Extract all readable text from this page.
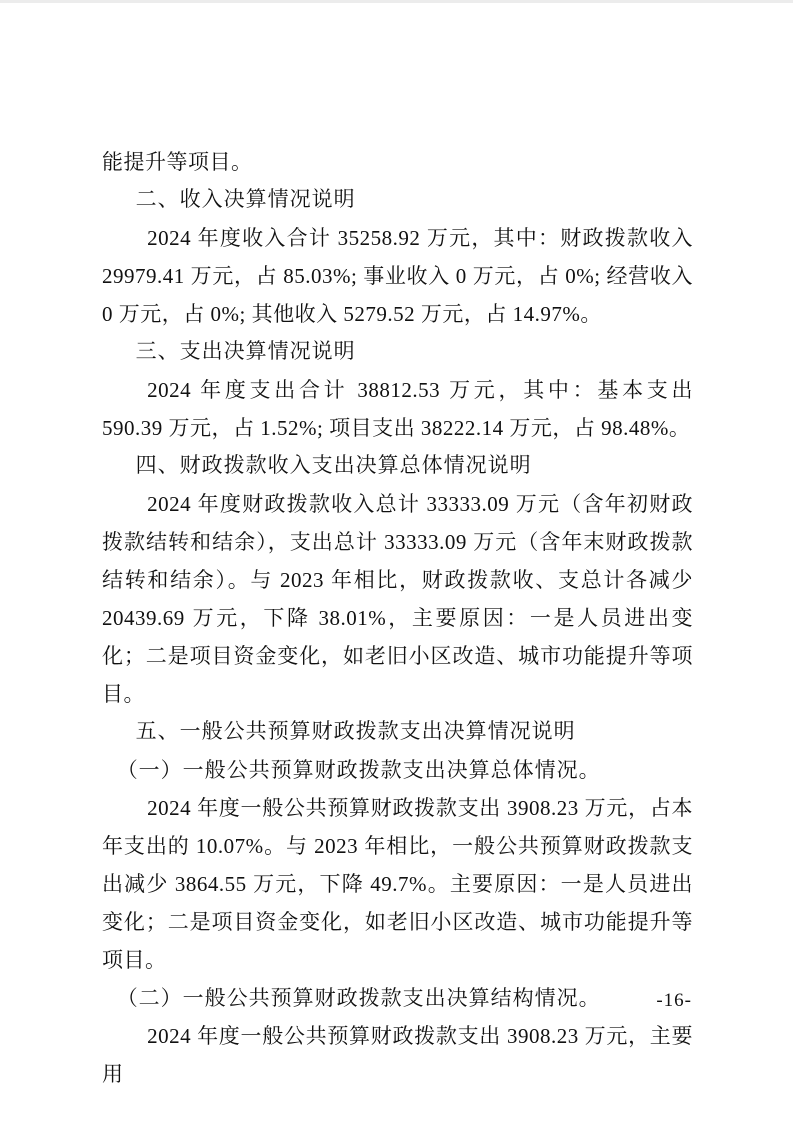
能提升等项目。

二、收入决算情况说明

2024 年度收入合计 35258.92 万元，其中：财政拨款收入 29979.41 万元，占 85.03%; 事业收入 0 万元，占 0%; 经营收入 0 万元，占 0%; 其他收入 5279.52 万元，占 14.97%。

三、支出决算情况说明

2024 年度支出合计 38812.53 万元，其中：基本支出 590.39 万元，占 1.52%; 项目支出 38222.14 万元，占 98.48%。

四、财政拨款收入支出决算总体情况说明

2024 年度财政拨款收入总计 33333.09 万元（含年初财政拨款结转和结余），支出总计 33333.09 万元（含年末财政拨款结转和结余）。与 2023 年相比，财政拨款收、支总计各减少 20439.69 万元，下降 38.01%，主要原因：一是人员进出变化；二是项目资金变化，如老旧小区改造、城市功能提升等项目。

五、一般公共预算财政拨款支出决算情况说明
（一）一般公共预算财政拨款支出决算总体情况。

2024 年度一般公共预算财政拨款支出 3908.23 万元，占本年支出的 10.07%。与 2023 年相比，一般公共预算财政拨款支出减少 3864.55 万元，下降 49.7%。主要原因：一是人员进出变化；二是项目资金变化，如老旧小区改造、城市功能提升等项目。

（二）一般公共预算财政拨款支出决算结构情况。

2024 年度一般公共预算财政拨款支出 3908.23 万元，主要用

-16-
